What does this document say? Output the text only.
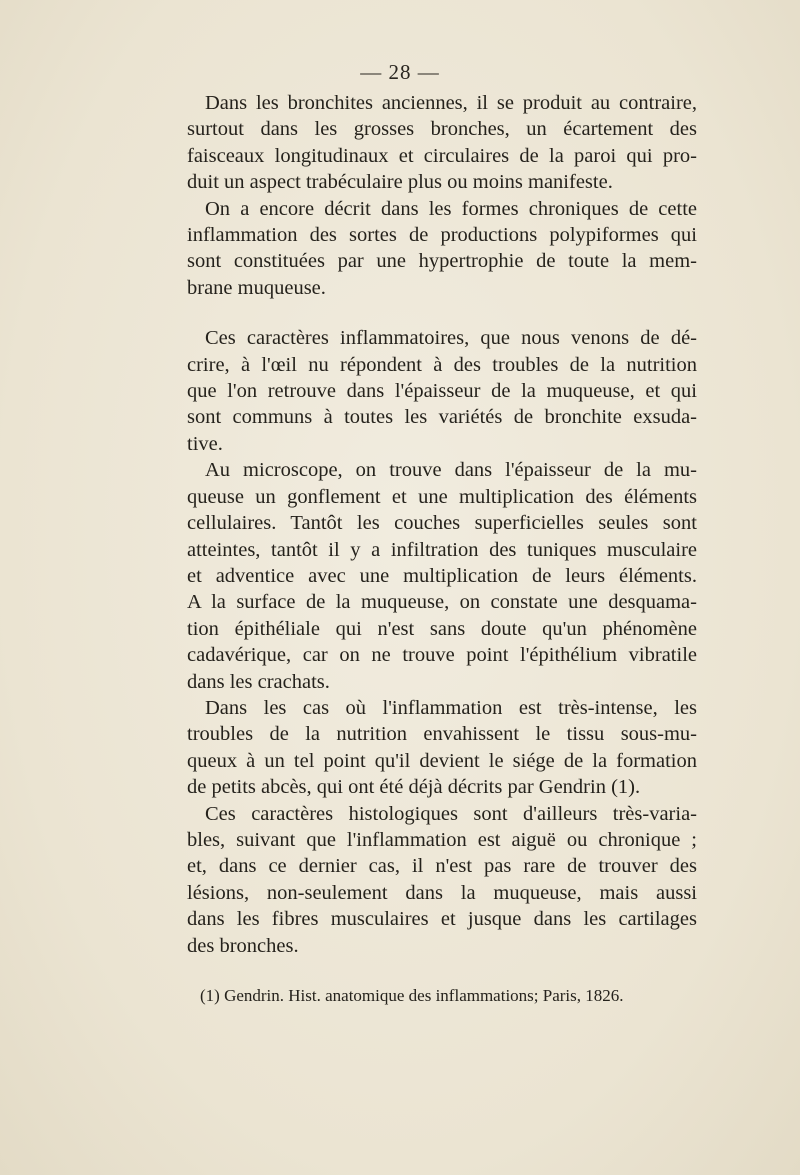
— 28 —

Dans les bronchites anciennes, il se produit au contraire,
surtout dans les grosses bronches, un écartement des
faisceaux longitudinaux et circulaires de la paroi qui pro-
duit un aspect trabéculaire plus ou moins manifeste.

On a encore décrit dans les formes chroniques de cette
inflammation des sortes de productions polypiformes qui
sont constituées par une hypertrophie de toute la mem-
brane muqueuse.

Ces caractères inflammatoires, que nous venons de dé-
crire, à l'œil nu répondent à des troubles de la nutrition
que l'on retrouve dans l'épaisseur de la muqueuse, et qui
sont communs à toutes les variétés de bronchite exsuda-
tive.

Au microscope, on trouve dans l'épaisseur de la mu-
queuse un gonflement et une multiplication des éléments
cellulaires. Tantôt les couches superficielles seules sont
atteintes, tantôt il y a infiltration des tuniques musculaire
et adventice avec une multiplication de leurs éléments.
A la surface de la muqueuse, on constate une desquama-
tion épithéliale qui n'est sans doute qu'un phénomène
cadavérique, car on ne trouve point l'épithélium vibratile
dans les crachats.

Dans les cas où l'inflammation est très-intense, les
troubles de la nutrition envahissent le tissu sous-mu-
queux à un tel point qu'il devient le siége de la formation
de petits abcès, qui ont été déjà décrits par Gendrin (1).

Ces caractères histologiques sont d'ailleurs très-varia-
bles, suivant que l'inflammation est aiguë ou chronique ;
et, dans ce dernier cas, il n'est pas rare de trouver des
lésions, non-seulement dans la muqueuse, mais aussi
dans les fibres musculaires et jusque dans les cartilages
des bronches.

(1) Gendrin. Hist. anatomique des inflammations; Paris, 1826.
